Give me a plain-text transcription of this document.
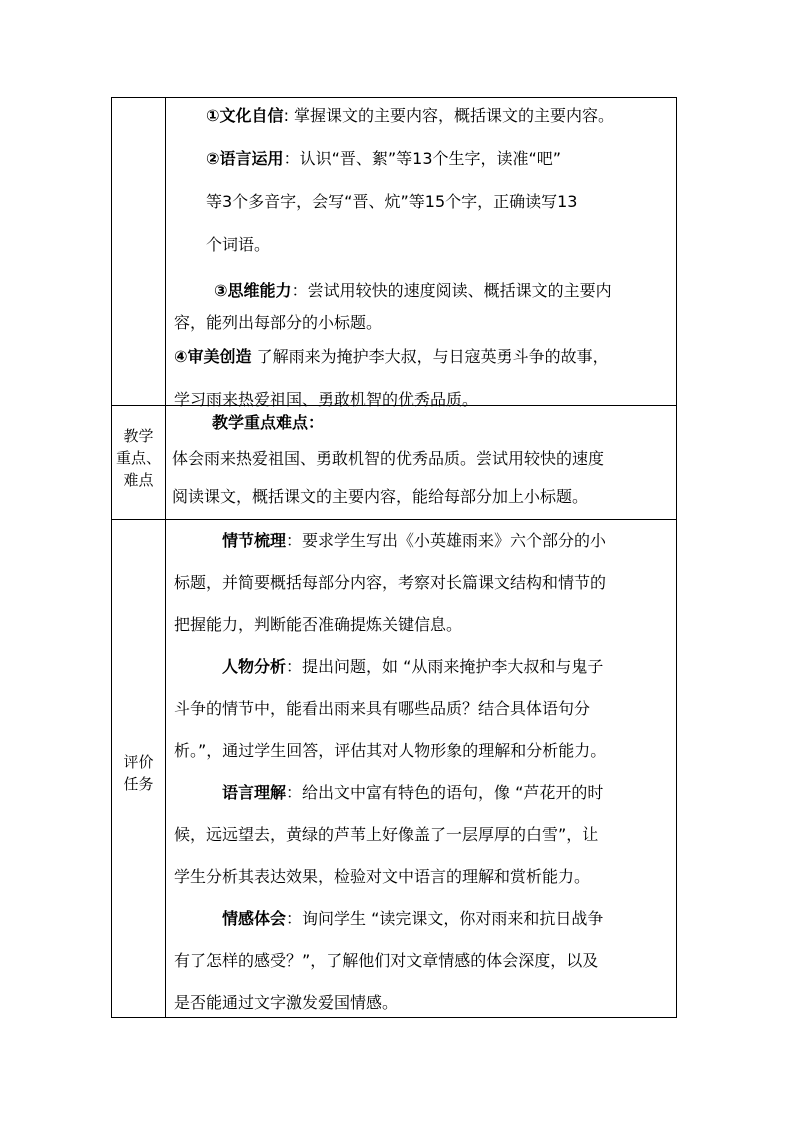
①文化自信: 掌握课文的主要内容，概括课文的主要内容。

②语言运用：认识“晋、絮”等13个生字，读准“吧”

等3个多音字，会写“晋、炕”等15个字，正确读写13

个词语。

③思维能力：尝试用较快的速度阅读、概括课文的主要内

容，能列出每部分的小标题。

④审美创造 了解雨来为掩护李大叔，与日寇英勇斗争的故事，

学习雨来热爱祖国、勇敢机智的优秀品质。

教学
重点、
难点

教学重点难点：

体会雨来热爱祖国、勇敢机智的优秀品质。尝试用较快的速度

阅读课文，概括课文的主要内容，能给每部分加上小标题。

评价
任务

情节梳理：要求学生写出《小英雄雨来》六个部分的小

标题，并简要概括每部分内容，考察对长篇课文结构和情节的

把握能力，判断能否准确提炼关键信息。

人物分析：提出问题，如 “从雨来掩护李大叔和与鬼子

斗争的情节中，能看出雨来具有哪些品质？结合具体语句分

析。”，通过学生回答，评估其对人物形象的理解和分析能力。

语言理解：给出文中富有特色的语句，像 “芦花开的时

候，远远望去，黄绿的芦苇上好像盖了一层厚厚的白雪”，让

学生分析其表达效果，检验对文中语言的理解和赏析能力。

情感体会：询问学生 “读完课文，你对雨来和抗日战争

有了怎样的感受？”，了解他们对文章情感的体会深度，以及

是否能通过文字激发爱国情感。
